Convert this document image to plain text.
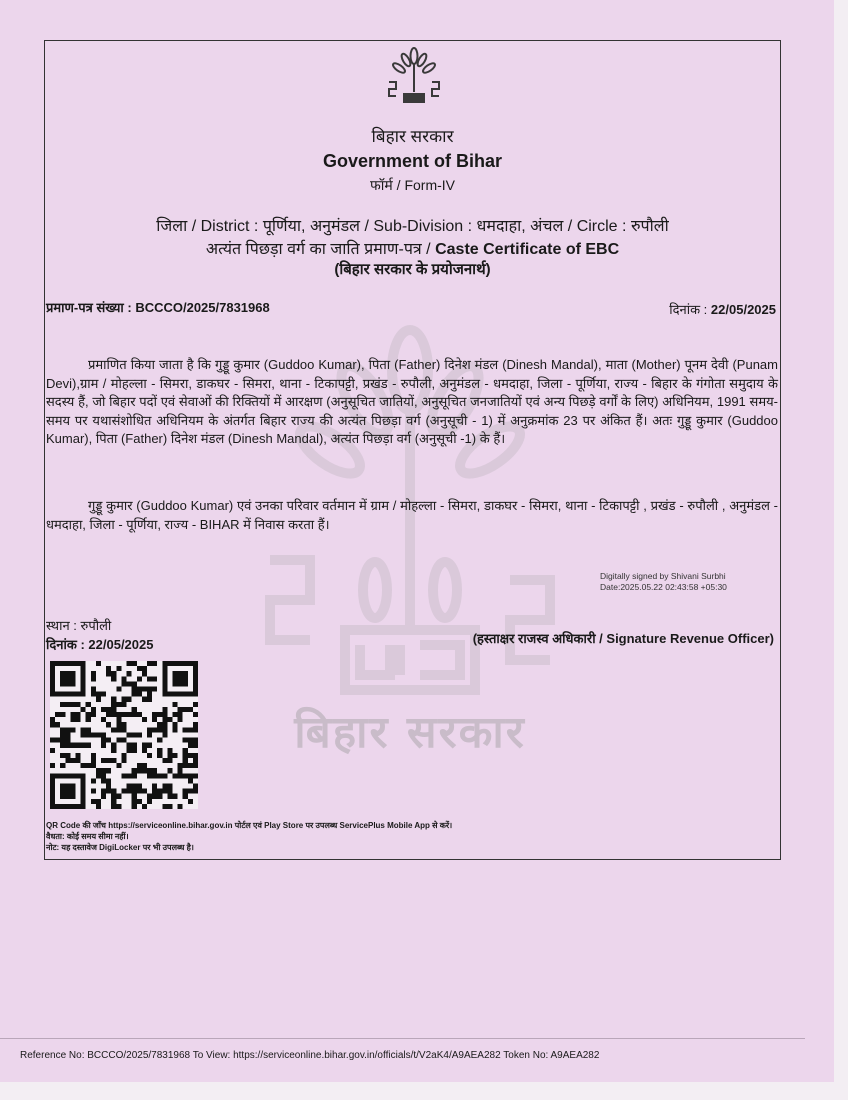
बिहार सरकार
बिहार सरकार
Government of Bihar
फॉर्म / Form-IV
जिला / District : पूर्णिया, अनुमंडल / Sub-Division : धमदाहा, अंचल / Circle : रुपौली
अत्यंत पिछड़ा वर्ग का जाति प्रमाण-पत्र / Caste Certificate of EBC
(बिहार सरकार के प्रयोजनार्थ)
प्रमाण-पत्र संख्या : BCCCO/2025/7831968	दिनांक : 22/05/2025
प्रमाणित किया जाता है कि गुड्डू कुमार (Guddoo Kumar), पिता (Father) दिनेश मंडल (Dinesh Mandal), माता (Mother) पूनम देवी (Punam Devi),ग्राम / मोहल्ला - सिमरा, डाकघर - सिमरा, थाना - टिकापट्टी, प्रखंड - रुपौली, अनुमंडल - धमदाहा, जिला - पूर्णिया, राज्य - बिहार के गंगोता समुदाय के सदस्य हैं, जो बिहार पदों एवं सेवाओं की रिक्तियों में आरक्षण (अनुसूचित जातियों, अनुसूचित जनजातियों एवं अन्य पिछड़े वर्गों के लिए) अधिनियम, 1991 समय-समय पर यथासंशोधित अधिनियम के अंतर्गत बिहार राज्य की अत्यंत पिछड़ा वर्ग (अनुसूची - 1) में अनुक्रमांक 23 पर अंकित हैं। अतः गुड्डू कुमार (Guddoo Kumar), पिता (Father) दिनेश मंडल (Dinesh Mandal), अत्यंत पिछड़ा वर्ग (अनुसूची -1) के हैं।
गुड्डू कुमार (Guddoo Kumar) एवं उनका परिवार वर्तमान में ग्राम / मोहल्ला - सिमरा, डाकघर - सिमरा, थाना - टिकापट्टी , प्रखंड - रुपौली , अनुमंडल - धमदाहा, जिला - पूर्णिया, राज्य - BIHAR में निवास करता हैं।
Digitally signed by Shivani Surbhi
Date:2025.05.22 02:43:58 +05:30
स्थान : रुपौली
दिनांक : 22/05/2025	(हस्ताक्षर राजस्व अधिकारी / Signature Revenue Officer)
QR Code की जाँच https://serviceonline.bihar.gov.in पोर्टल एवं Play Store पर उपलब्ध ServicePlus Mobile App से करें।
वैधता: कोई समय सीमा नहीं।
नोट: यह दस्तावेज DigiLocker पर भी उपलब्ध है।
Reference No: BCCCO/2025/7831968 To View: https://serviceonline.bihar.gov.in/officials/t/V2aK4/A9AEA282 Token No: A9AEA282
